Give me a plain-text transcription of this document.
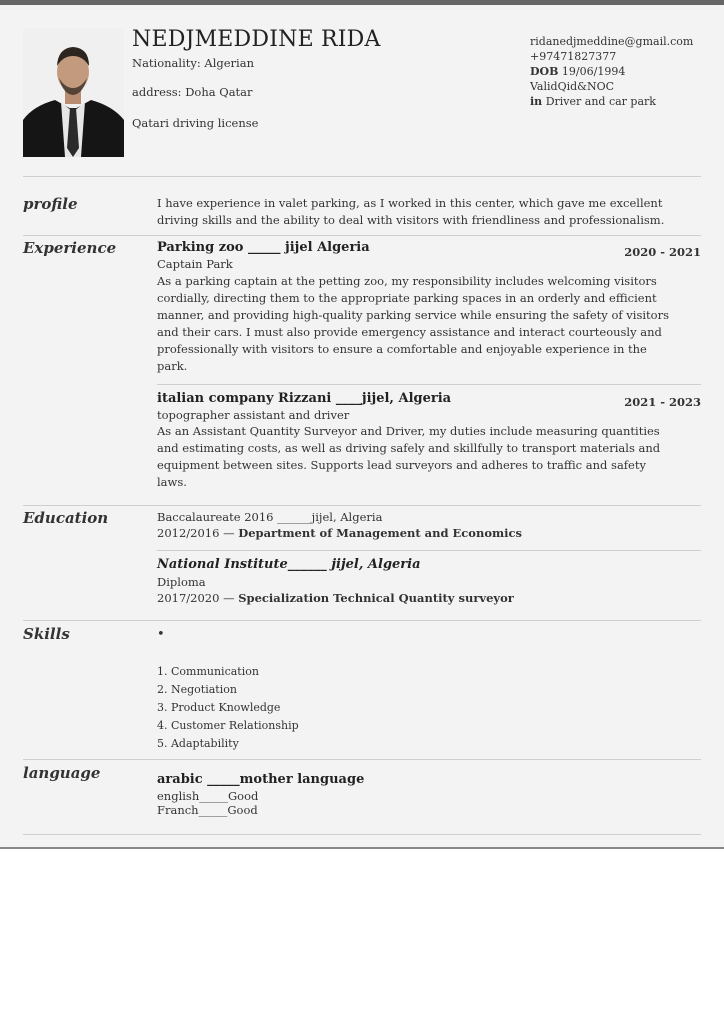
NEDJMEDDINE RIDA
Nationality: Algerian
address: Doha Qatar
Qatari driving license
ridanedjmeddine@gmail.com
+97471827377
DOB 19/06/1994
ValidQid&NOC
in Driver and car park
profile	I have experience in valet parking, as I worked in this center, which gave me excellent driving skills and the ability to deal with visitors with friendliness and professionalism.
Experience	Parking zoo _____ jijel Algeria	2020 - 2021
Captain Park
As a parking captain at the petting zoo, my responsibility includes welcoming visitors cordially, directing them to the appropriate parking spaces in an orderly and efficient manner, and providing high-quality parking service while ensuring the safety of visitors and their cars. I must also provide emergency assistance and interact courteously and professionally with visitors to ensure a comfortable and enjoyable experience in the park.
italian company Rizzani ____jijel, Algeria	2021 - 2023
topographer assistant and driver
As an Assistant Quantity Surveyor and Driver, my duties include measuring quantities and estimating costs, as well as driving safely and skillfully to transport materials and equipment between sites. Supports lead surveyors and adheres to traffic and safety laws.
Education	Baccalaureate 2016 ______jijel, Algeria
2012/2016 — Department of Management and Economics
National Institute______ jijel, Algeria
Diploma
2017/2020 — Specialization Technical Quantity surveyor
Skills	•
1. Communication
2. Negotiation
3. Product Knowledge
4. Customer Relationship
5. Adaptability
language	arabic _____mother language
english_____Good
Franch_____Good
